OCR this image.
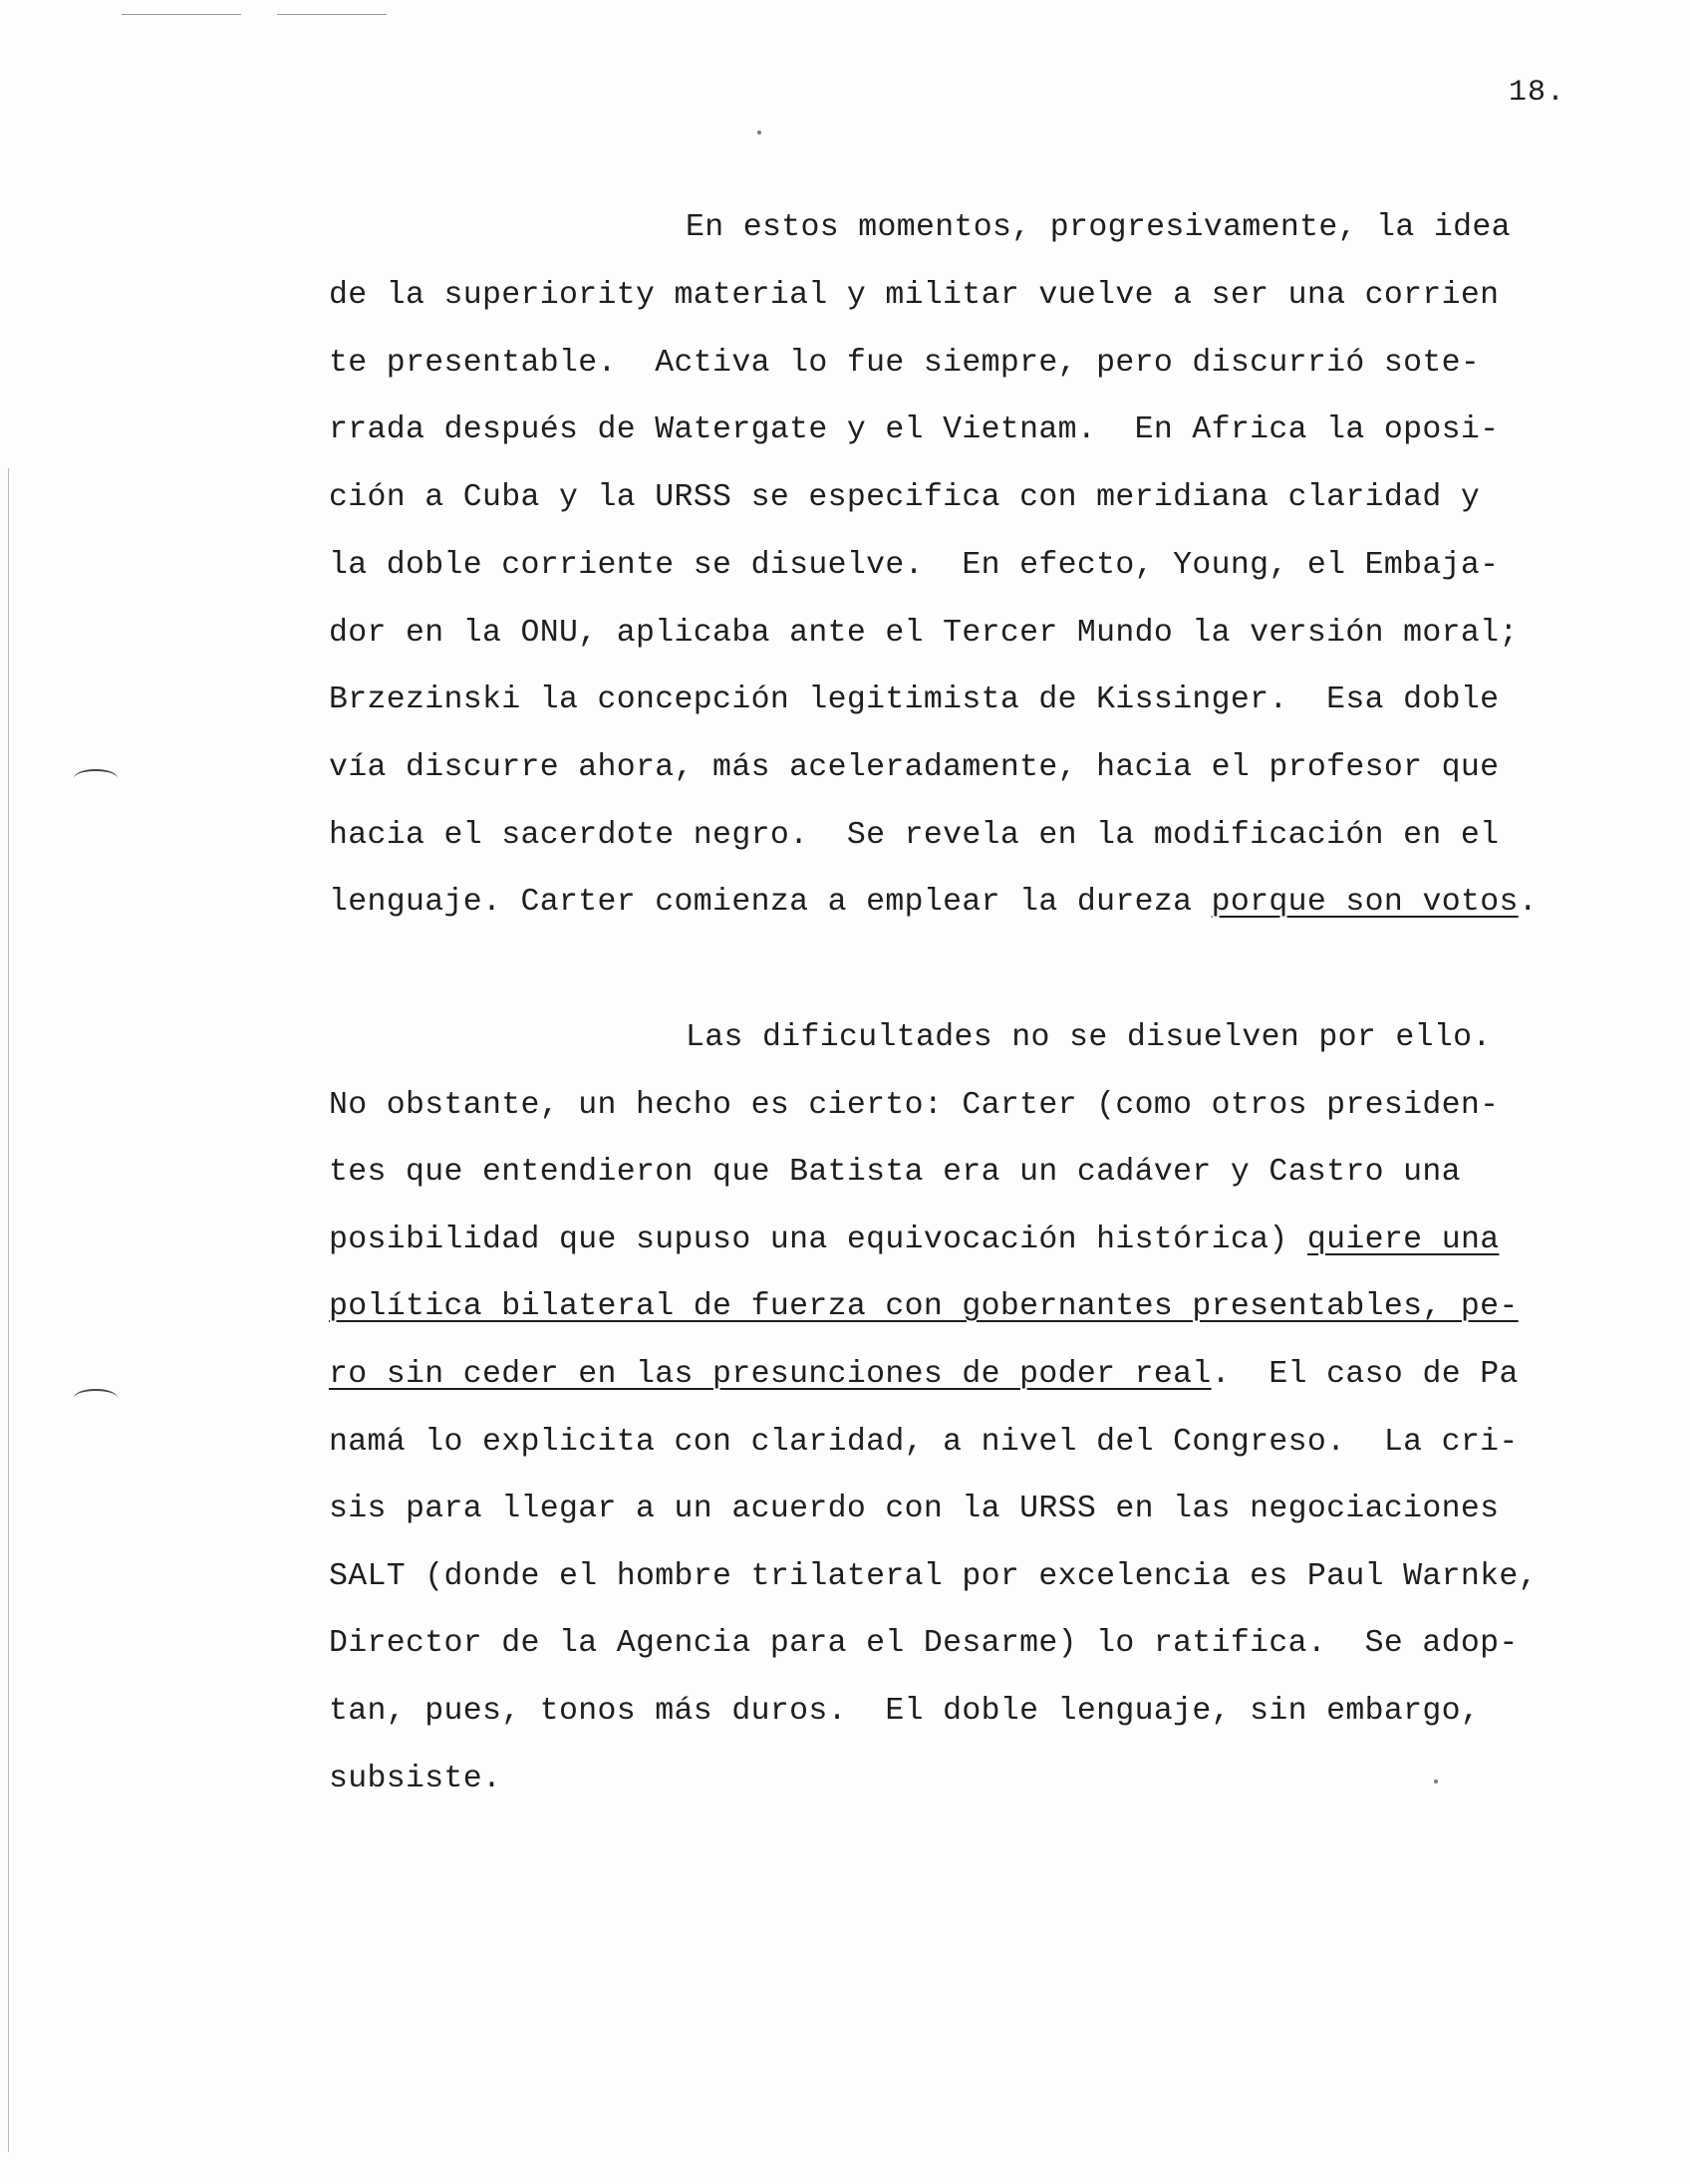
18.
En estos momentos, progresivamente, la idea
de la superiority material y militar vuelve a ser una corrien
te presentable.  Activa lo fue siempre, pero discurrió sote-
rrada después de Watergate y el Vietnam.  En Africa la oposi-
ción a Cuba y la URSS se especifica con meridiana claridad y
la doble corriente se disuelve.  En efecto, Young, el Embaja-
dor en la ONU, aplicaba ante el Tercer Mundo la versión moral;
Brzezinski la concepción legitimista de Kissinger.  Esa doble
vía discurre ahora, más aceleradamente, hacia el profesor que
hacia el sacerdote negro.  Se revela en la modificación en el
lenguaje. Carter comienza a emplear la dureza porque son votos.
Las dificultades no se disuelven por ello.
No obstante, un hecho es cierto: Carter (como otros presiden-
tes que entendieron que Batista era un cadáver y Castro una
posibilidad que supuso una equivocación histórica) quiere una
política bilateral de fuerza con gobernantes presentables, pe-
ro sin ceder en las presunciones de poder real.  El caso de Pa
namá lo explicita con claridad, a nivel del Congreso.  La cri-
sis para llegar a un acuerdo con la URSS en las negociaciones
SALT (donde el hombre trilateral por excelencia es Paul Warnke,
Director de la Agencia para el Desarme) lo ratifica.  Se adop-
tan, pues, tonos más duros.  El doble lenguaje, sin embargo,
subsiste.
